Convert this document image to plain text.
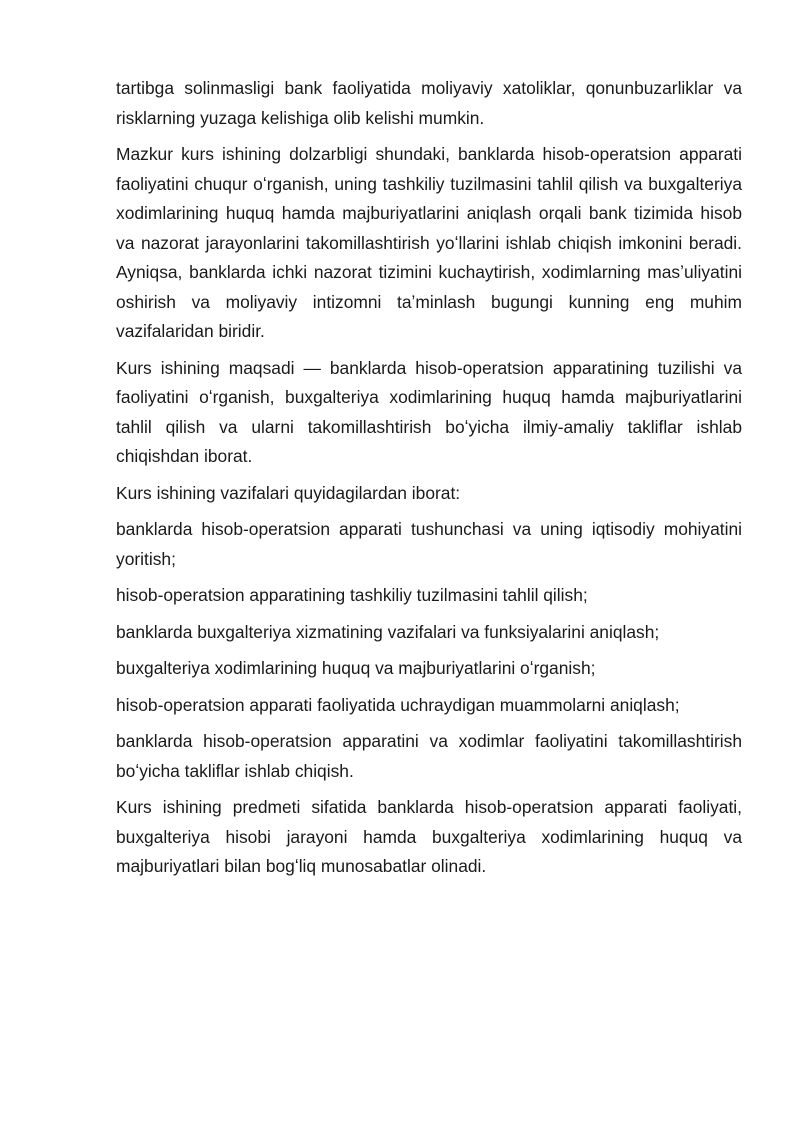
tartibga solinmasligi bank faoliyatida moliyaviy xatoliklar, qonunbuzarliklar va risklarning yuzaga kelishiga olib kelishi mumkin.

Mazkur kurs ishining dolzarbligi shundaki, banklarda hisob-operatsion apparati faoliyatini chuqur oʻrganish, uning tashkiliy tuzilmasini tahlil qilish va buxgalteriya xodimlarining huquq hamda majburiyatlarini aniqlash orqali bank tizimida hisob va nazorat jarayonlarini takomillashtirish yoʻllarini ishlab chiqish imkonini beradi. Ayniqsa, banklarda ichki nazorat tizimini kuchaytirish, xodimlarning masʼuliyatini oshirish va moliyaviy intizomni taʼminlash bugungi kunning eng muhim vazifalaridan biridir.

Kurs ishining maqsadi — banklarda hisob-operatsion apparatining tuzilishi va faoliyatini oʻrganish, buxgalteriya xodimlarining huquq hamda majburiyatlarini tahlil qilish va ularni takomillashtirish boʻyicha ilmiy-amaliy takliflar ishlab chiqishdan iborat.

Kurs ishining vazifalari quyidagilardan iborat:

banklarda hisob-operatsion apparati tushunchasi va uning iqtisodiy mohiyatini yoritish;

hisob-operatsion apparatining tashkiliy tuzilmasini tahlil qilish;

banklarda buxgalteriya xizmatining vazifalari va funksiyalarini aniqlash;

buxgalteriya xodimlarining huquq va majburiyatlarini oʻrganish;

hisob-operatsion apparati faoliyatida uchraydigan muammolarni aniqlash;

banklarda hisob-operatsion apparatini va xodimlar faoliyatini takomillashtirish boʻyicha takliflar ishlab chiqish.

Kurs ishining predmeti sifatida banklarda hisob-operatsion apparati faoliyati, buxgalteriya hisobi jarayoni hamda buxgalteriya xodimlarining huquq va majburiyatlari bilan bogʻliq munosabatlar olinadi.
